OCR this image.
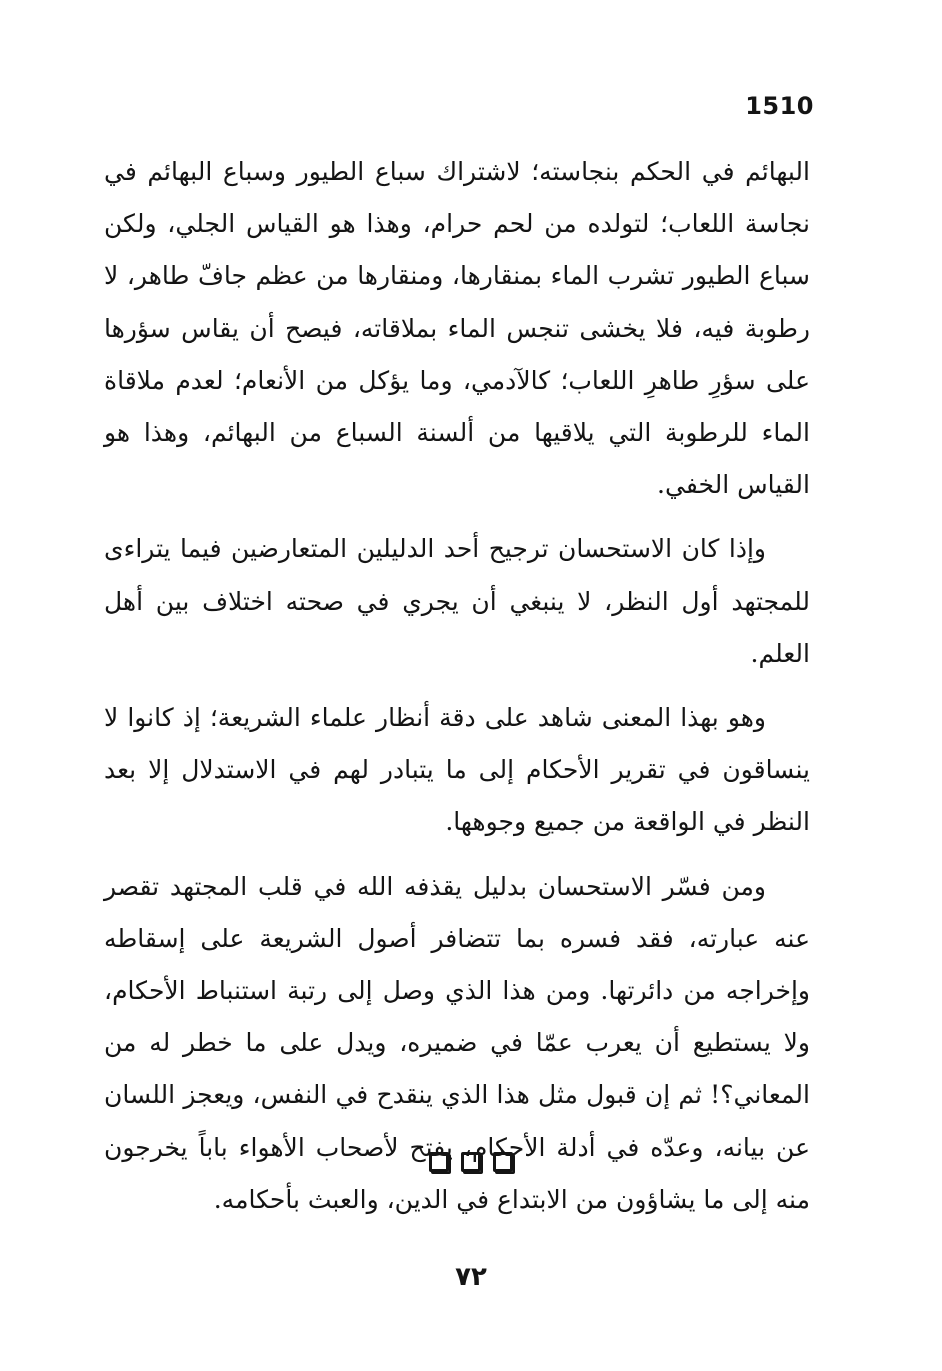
1510

البهائم في الحكم بنجاسته؛ لاشتراك سباع الطيور وسباع البهائم في نجاسة اللعاب؛ لتولده من لحم حرام، وهذا هو القياس الجلي، ولكن سباع الطيور تشرب الماء بمنقارها، ومنقارها من عظم جافّ طاهر، لا رطوبة فيه، فلا يخشى تنجس الماء بملاقاته، فيصح أن يقاس سؤرها على سؤرِ طاهرِ اللعاب؛ كالآدمي، وما يؤكل من الأنعام؛ لعدم ملاقاة الماء للرطوبة التي يلاقيها من ألسنة السباع من البهائم، وهذا هو القياس الخفي.

وإذا كان الاستحسان ترجيح أحد الدليلين المتعارضين فيما يتراءى للمجتهد أول النظر، لا ينبغي أن يجري في صحته اختلاف بين أهل العلم.

وهو بهذا المعنى شاهد على دقة أنظار علماء الشريعة؛ إذ كانوا لا ينساقون في تقرير الأحكام إلى ما يتبادر لهم في الاستدلال إلا بعد النظر في الواقعة من جميع وجوهها.

ومن فسّر الاستحسان بدليل يقذفه الله في قلب المجتهد تقصر عنه عبارته، فقد فسره بما تتضافر أصول الشريعة على إسقاطه وإخراجه من دائرتها. ومن هذا الذي وصل إلى رتبة استنباط الأحكام، ولا يستطيع أن يعرب عمّا في ضميره، ويدل على ما خطر له من المعاني؟! ثم إن قبول مثل هذا الذي ينقدح في النفس، ويعجز اللسان عن بيانه، وعدّه في أدلة الأحكام، يفتح لأصحاب الأهواء باباً يخرجون منه إلى ما يشاؤون من الابتداع في الدين، والعبث بأحكامه.

٧٢
